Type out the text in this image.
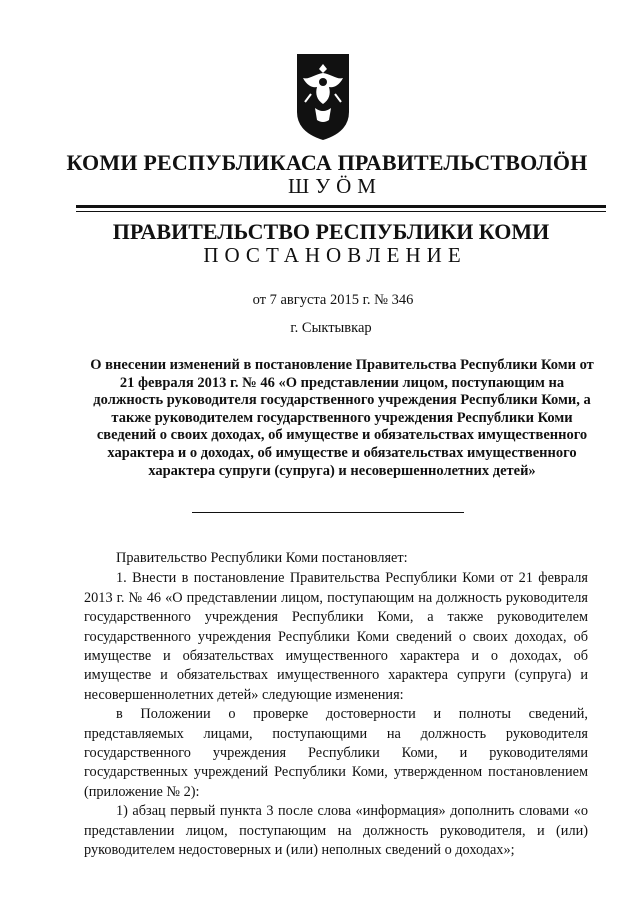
КОМИ РЕСПУБЛИКАСА ПРАВИТЕЛЬСТВОЛÖН
ШУÖМ
ПРАВИТЕЛЬСТВО РЕСПУБЛИКИ КОМИ
ПОСТАНОВЛЕНИЕ
от 7 августа 2015 г. № 346
г. Сыктывкар
О внесении изменений в постановление Правительства Республики Коми от 21 февраля 2013 г. № 46 «О представлении лицом, поступающим на должность руководителя государственного учреждения Республики Коми, а также руководителем государственного учреждения Республики Коми сведений о своих доходах, об имуществе и обязательствах имущественного характера и о доходах, об имуществе и обязательствах имущественного характера супруги (супруга) и несовершеннолетних детей»

Правительство Республики Коми постановляет:

1. Внести в постановление Правительства Республики Коми от 21 февраля 2013 г. № 46 «О представлении лицом, поступающим на должность руководителя государственного учреждения Республики Коми, а также руководителем государственного учреждения Республики Коми сведений о своих доходах, об имуществе и обязательствах имущественного характера и о доходах, об имуществе и обязательствах имущественного характера супруги (супруга) и несовершеннолетних детей» следующие изменения:

в Положении о проверке достоверности и полноты сведений, представляемых лицами, поступающими на должность руководителя государственного учреждения Республики Коми, и руководителями государственных учреждений Республики Коми, утвержденном постановлением (приложение № 2):

1) абзац первый пункта 3 после слова «информация» дополнить словами «о представлении лицом, поступающим на должность руководителя, и (или) руководителем недостоверных и (или) неполных сведений о доходах»;
